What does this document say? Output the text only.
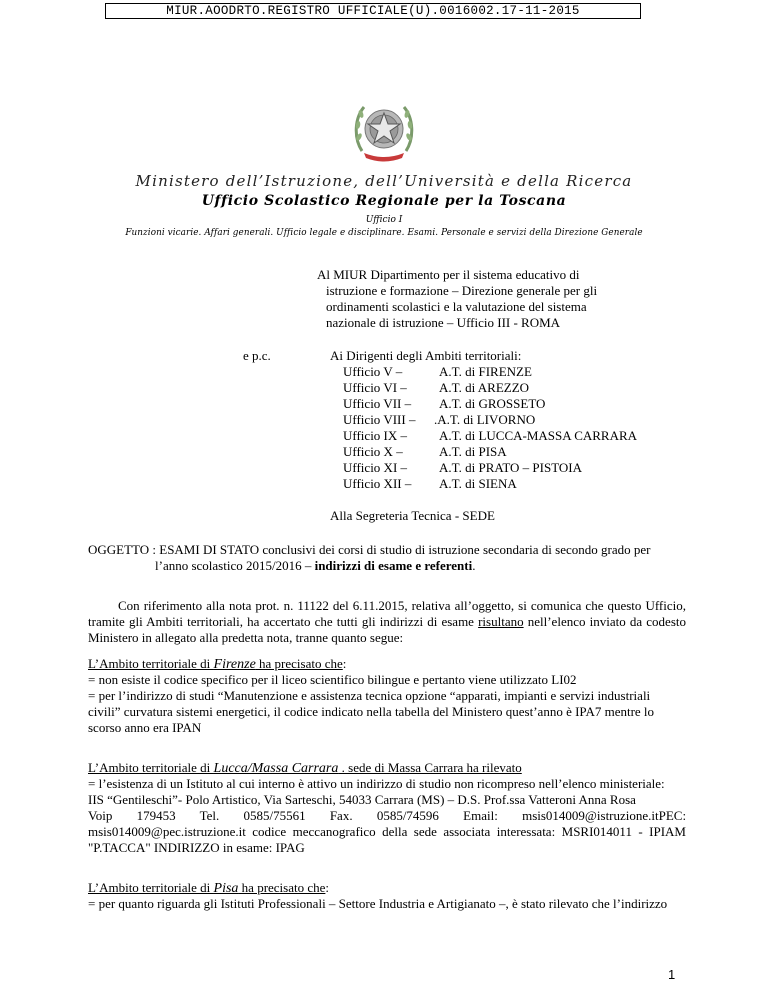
MIUR.AOODRTO.REGISTRO UFFICIALE(U).0016002.17-11-2015
Ministero dell’Istruzione, dell’Università e della Ricerca
Ufficio Scolastico Regionale per la Toscana
Ufficio I
Funzioni vicarie. Affari generali. Ufficio legale e disciplinare. Esami. Personale e servizi della Direzione Generale
Al MIUR Dipartimento per il sistema educativo di
istruzione e formazione – Direzione generale per gli
ordinamenti scolastici e la valutazione del sistema
nazionale di istruzione – Ufficio III - ROMA
e p.c.	Ai Dirigenti degli Ambiti territoriali:
Ufficio V –	A.T. di FIRENZE
Ufficio VI – A.T. di AREZZO
Ufficio VII – A.T. di GROSSETO
Ufficio VIII – .A.T. di LIVORNO
Ufficio IX – A.T. di LUCCA-MASSA CARRARA
Ufficio X –	A.T. di PISA
Ufficio XI – A.T. di PRATO – PISTOIA
Ufficio XII – A.T. di SIENA
Alla Segreteria Tecnica - SEDE
OGGETTO : ESAMI DI STATO conclusivi dei corsi di studio di istruzione secondaria di secondo grado per
l’anno scolastico 2015/2016 – indirizzi di esame e referenti.
Con riferimento alla nota prot. n. 11122 del 6.11.2015, relativa all’oggetto, si comunica che questo Ufficio,
tramite gli Ambiti territoriali, ha accertato che tutti gli indirizzi di esame risultano nell’elenco inviato da codesto
Ministero in allegato alla predetta nota, tranne quanto segue:
L’Ambito territoriale di Firenze ha precisato che:
= non esiste il codice specifico per il liceo scientifico bilingue e pertanto viene utilizzato LI02
= per l’indirizzo di studi “Manutenzione e assistenza tecnica opzione “apparati, impianti e servizi industriali
civili” curvatura sistemi energetici, il codice indicato nella tabella del Ministero quest’anno è IPA7 mentre lo
scorso anno era IPAN
L’Ambito territoriale di Lucca/Massa Carrara . sede di Massa Carrara ha rilevato
= l’esistenza di un Istituto al cui interno è attivo un indirizzo di studio non ricompreso nell’elenco ministeriale:
IIS “Gentileschi”- Polo Artistico, Via Sarteschi, 54033 Carrara (MS) – D.S. Prof.ssa Vatteroni Anna Rosa
Voip 179453 Tel. 0585/75561 Fax. 0585/74596 Email: msis014009@istruzione.itPEC:
msis014009@pec.istruzione.it codice meccanografico della sede associata interessata: MSRI014011 - IPIAM
"P.TACCA" INDIRIZZO in esame: IPAG
L’Ambito territoriale di Pisa ha precisato che:
= per quanto riguarda gli Istituti Professionali – Settore Industria e Artigianato –, è stato rilevato che l’indirizzo
1
